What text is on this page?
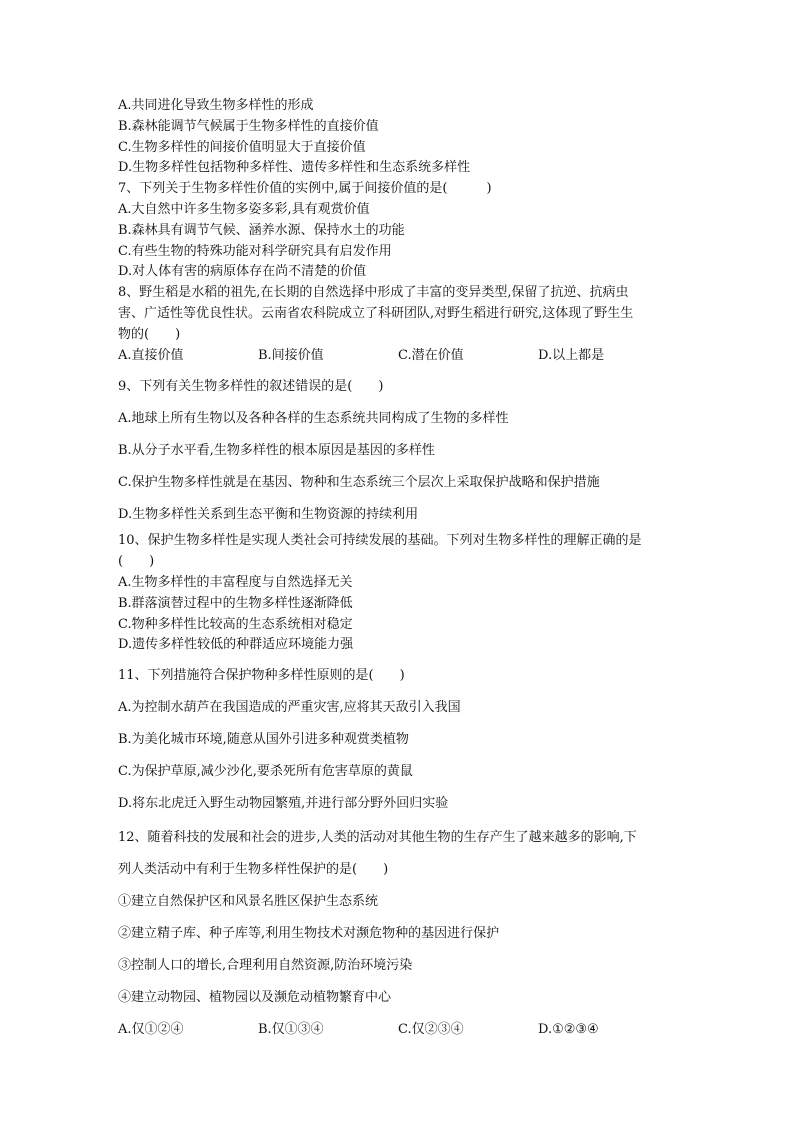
A.共同进化导致生物多样性的形成
B.森林能调节气候属于生物多样性的直接价值
C.生物多样性的间接价值明显大于直接价值
D.生物多样性包括物种多样性、遗传多样性和生态系统多样性
7、下列关于生物多样性价值的实例中,属于间接价值的是(　　　)
A.大自然中许多生物多姿多彩,具有观赏价值
B.森林具有调节气候、涵养水源、保持水土的功能
C.有些生物的特殊功能对科学研究具有启发作用
D.对人体有害的病原体存在尚不清楚的价值
8、野生稻是水稻的祖先,在长期的自然选择中形成了丰富的变异类型,保留了抗逆、抗病虫
害、广适性等优良性状。云南省农科院成立了科研团队,对野生稻进行研究,这体现了野生生
物的(　　)
A.直接价值	B.间接价值	C.潜在价值	D.以上都是
9、下列有关生物多样性的叙述错误的是(　　)
A.地球上所有生物以及各种各样的生态系统共同构成了生物的多样性
B.从分子水平看,生物多样性的根本原因是基因的多样性
C.保护生物多样性就是在基因、物种和生态系统三个层次上采取保护战略和保护措施
D.生物多样性关系到生态平衡和生物资源的持续利用
10、保护生物多样性是实现人类社会可持续发展的基础。下列对生物多样性的理解正确的是
(　　)
A.生物多样性的丰富程度与自然选择无关
B.群落演替过程中的生物多样性逐渐降低
C.物种多样性比较高的生态系统相对稳定
D.遗传多样性较低的种群适应环境能力强
11、下列措施符合保护物种多样性原则的是(　　)
A.为控制水葫芦在我国造成的严重灾害,应将其天敌引入我国
B.为美化城市环境,随意从国外引进多种观赏类植物
C.为保护草原,减少沙化,要杀死所有危害草原的黄鼠
D.将东北虎迁入野生动物园繁殖,并进行部分野外回归实验
12、随着科技的发展和社会的进步,人类的活动对其他生物的生存产生了越来越多的影响,下
列人类活动中有利于生物多样性保护的是(　　)
①建立自然保护区和风景名胜区保护生态系统
②建立精子库、种子库等,利用生物技术对濒危物种的基因进行保护
③控制人口的增长,合理利用自然资源,防治环境污染
④建立动物园、植物园以及濒危动植物繁育中心
A.仅①②④	B.仅①③④	C.仅②③④	D.①②③④
